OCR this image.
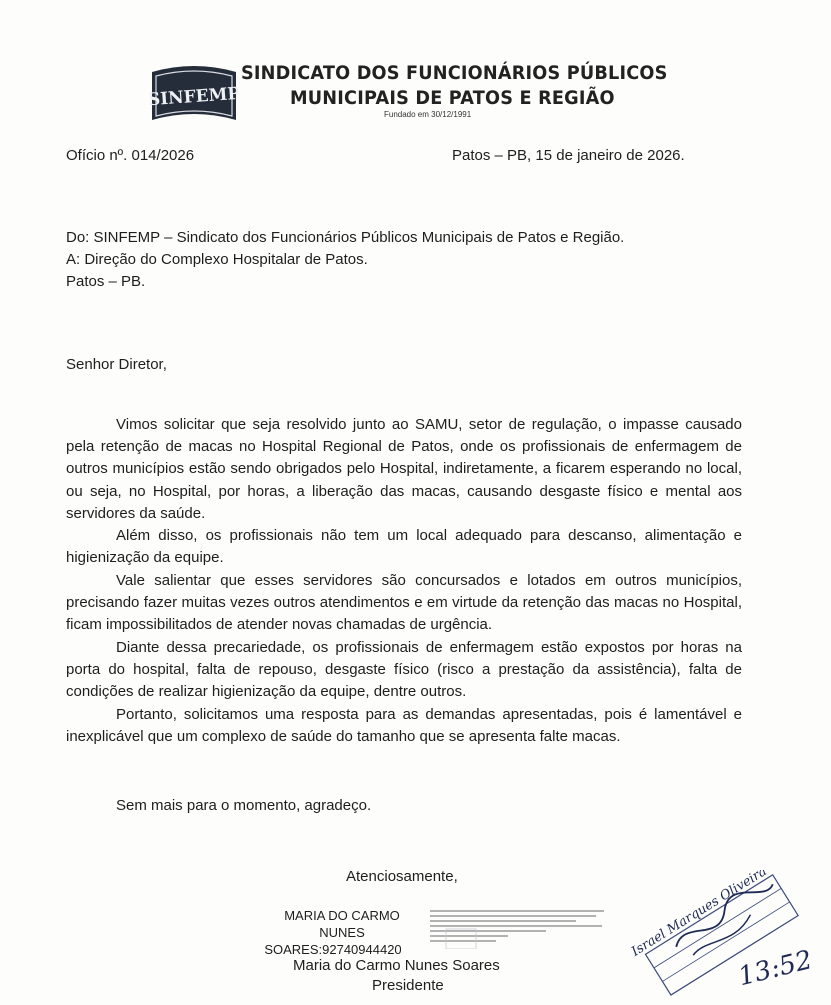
SINFEMP
SINDICATO DOS FUNCIONÁRIOS PÚBLICOS
MUNICIPAIS DE PATOS E REGIÃO
Fundado em 30/12/1991
Ofício nº. 014/2026	Patos – PB, 15 de janeiro de 2026.
Do: SINFEMP – Sindicato dos Funcionários Públicos Municipais de Patos e Região.
A: Direção do Complexo Hospitalar de Patos.
Patos – PB.
Senhor Diretor,
Vimos solicitar que seja resolvido junto ao SAMU, setor de regulação, o impasse causado pela retenção de macas no Hospital Regional de Patos, onde os profissionais de enfermagem de outros municípios estão sendo obrigados pelo Hospital, indiretamente, a ficarem esperando no local, ou seja, no Hospital, por horas, a liberação das macas, causando desgaste físico e mental aos servidores da saúde.
Além disso, os profissionais não tem um local adequado para descanso, alimentação e higienização da equipe.
Vale salientar que esses servidores são concursados e lotados em outros municípios, precisando fazer muitas vezes outros atendimentos e em virtude da retenção das macas no Hospital, ficam impossibilitados de atender novas chamadas de urgência.
Diante dessa precariedade, os profissionais de enfermagem estão expostos por horas na porta do hospital, falta de repouso, desgaste físico (risco a prestação da assistência), falta de condições de realizar higienização da equipe, dentre outros.
Portanto, solicitamos uma resposta para as demandas apresentadas, pois é lamentável e inexplicável que um complexo de saúde do tamanho que se apresenta falte macas.
Sem mais para o momento, agradeço.
Atenciosamente,
MARIA DO CARMO
NUNES
SOARES:92740944420
Maria do Carmo Nunes Soares
Presidente
Israel Marques Oliveira
13:52
